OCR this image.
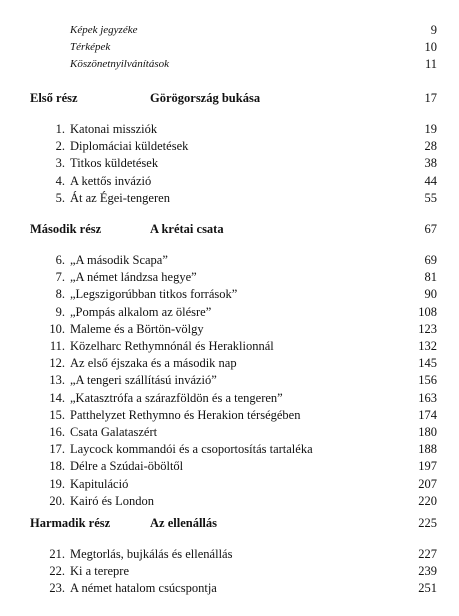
Képek jegyzéke	9
Térképek	10
Köszönetnyilvánítások	11
Első rész	Görögország bukása	17
1. Katonai missziók	19
2. Diplomáciai küldetések	28
3. Titkos küldetések	38
4. A kettős invázió	44
5. Át az Égei-tengeren	55
Második rész	A krétai csata	67
6. „A második Scapa”	69
7. „A német lándzsa hegye”	81
8. „Legszigorúbban titkos források”	90
9. „Pompás alkalom az ölésre”	108
10. Maleme és a Börtön-völgy	123
11. Közelharc Rethymnónál és Heraklionnál	132
12. Az első éjszaka és a második nap	145
13. „A tengeri szállítású invázió”	156
14. „Katasztrófa a szárazföldön és a tengeren”	163
15. Patthelyzet Rethymno és Herakion térségében	174
16. Csata Galataszért	180
17. Laycock kommandói és a csoportosítás tartaléka	188
18. Délre a Szúdai-öböltől	197
19. Kapituláció	207
20. Kairó és London	220
Harmadik rész	Az ellenállás	225
21. Megtorlás, bujkálás és ellenállás	227
22. Ki a terepre	239
23. A német hatalom csúcspontja	251
